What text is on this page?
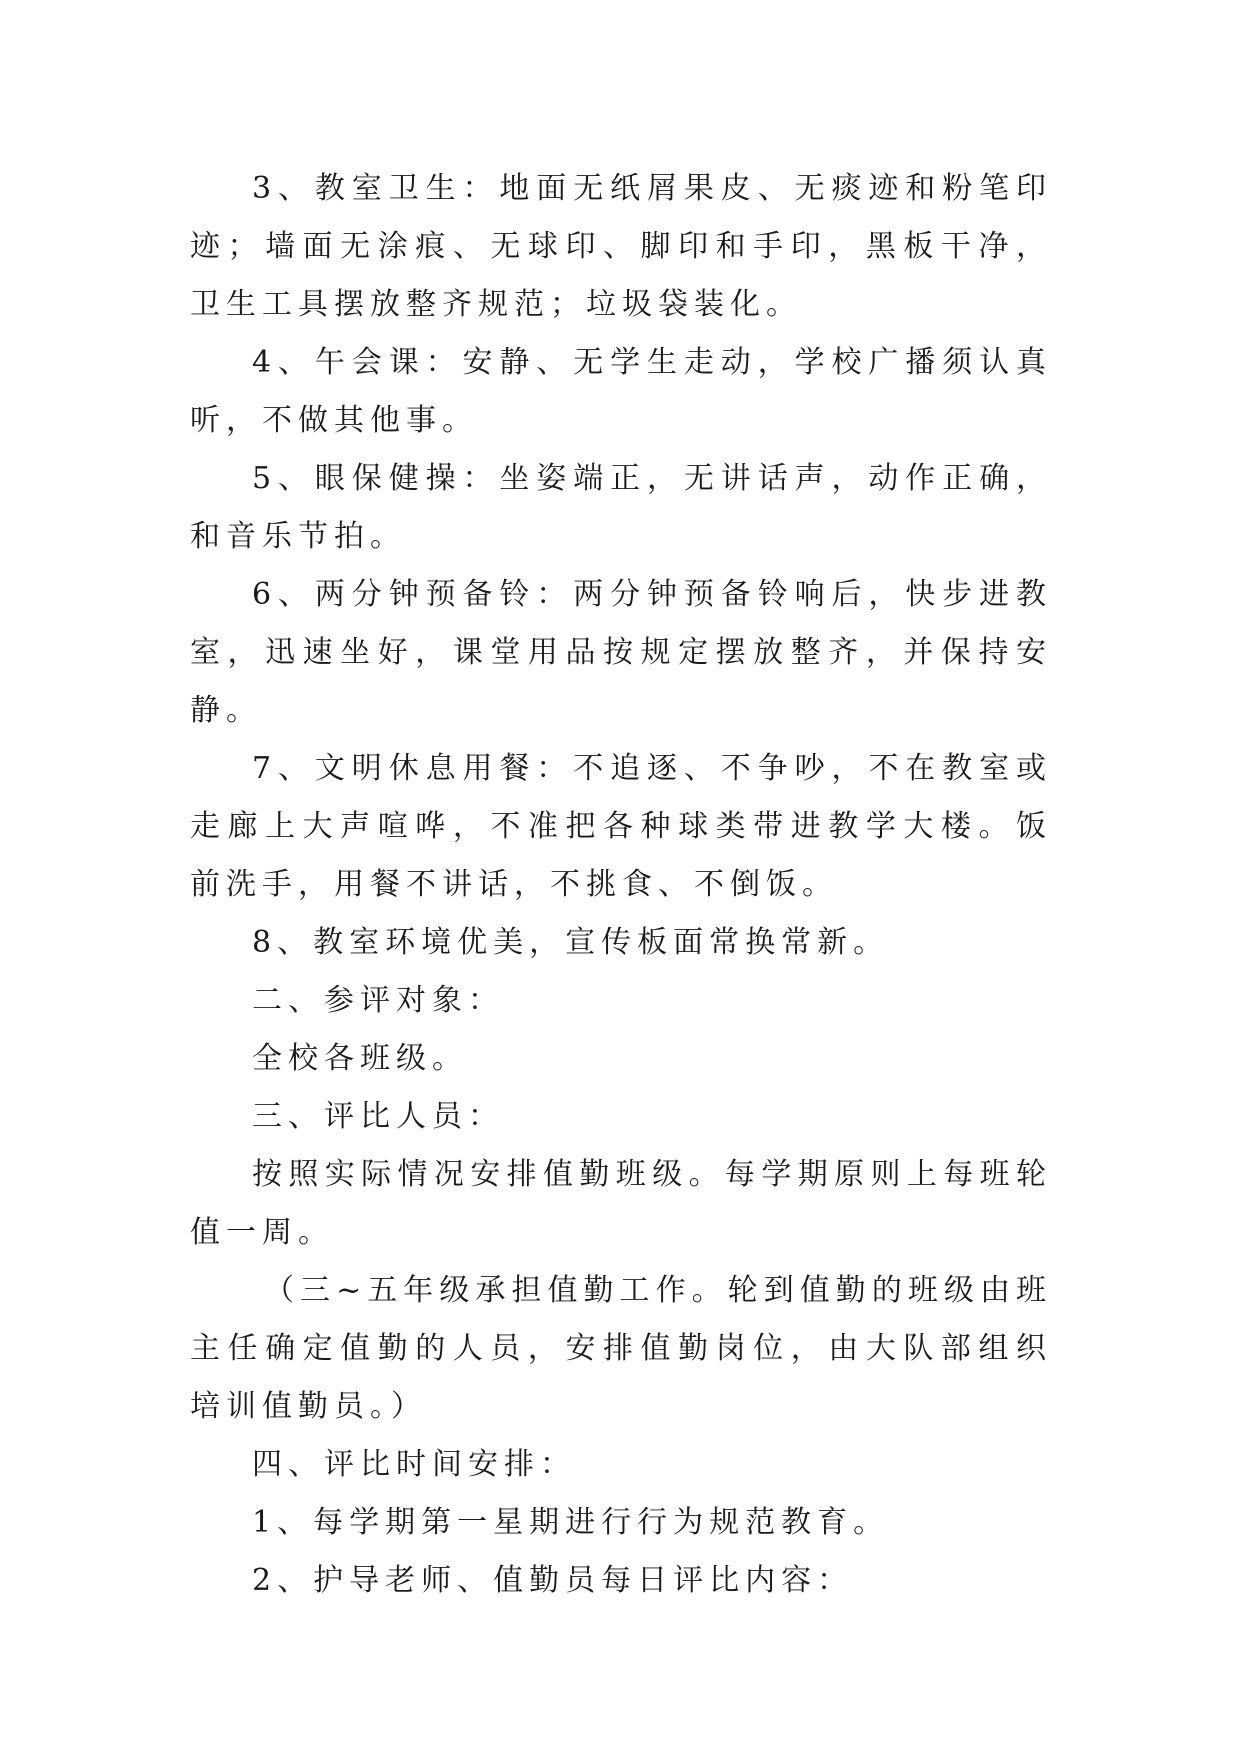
3、教室卫生：地面无纸屑果皮、无痰迹和粉笔印迹；墙面无涂痕、无球印、脚印和手印，黑板干净，卫生工具摆放整齐规范；垃圾袋装化。

4、午会课：安静、无学生走动，学校广播须认真听，不做其他事。

5、眼保健操：坐姿端正，无讲话声，动作正确，和音乐节拍。

6、两分钟预备铃：两分钟预备铃响后，快步进教室，迅速坐好，课堂用品按规定摆放整齐，并保持安静。

7、文明休息用餐：不追逐、不争吵，不在教室或走廊上大声喧哗，不准把各种球类带进教学大楼。饭前洗手，用餐不讲话，不挑食、不倒饭。

8、教室环境优美，宣传板面常换常新。

二、参评对象：

全校各班级。

三、评比人员：

按照实际情况安排值勤班级。每学期原则上每班轮值一周。

（三~五年级承担值勤工作。轮到值勤的班级由班主任确定值勤的人员，安排值勤岗位，由大队部组织培训值勤员。）

四、评比时间安排：

1、每学期第一星期进行行为规范教育。

2、护导老师、值勤员每日评比内容：
